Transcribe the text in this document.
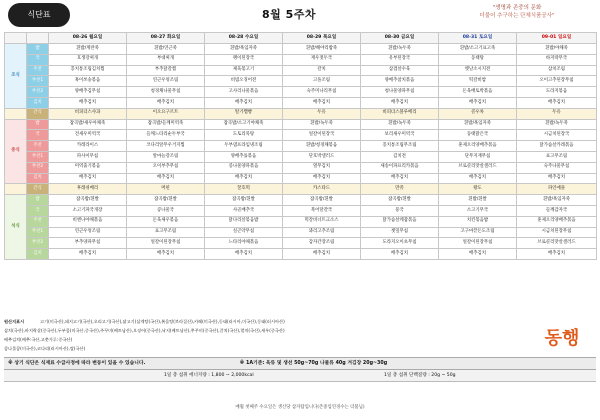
식단표	8월 5주차	"생명과 존중의 문화
더불어 추구하는 단체식품공사"
		08-26 월요일	08-27 화요일	08-28 수요일	08-29 목요일	08-30 금요일	08-31 토요일	09-01 일요일
조식	밥	흰밥/계란죽	흰밥/연근죽	흰밥/흑임자죽	흰밥/해야리밥죽	흰밥/녹두죽	흰밥/소고기표고죽	흰밥/야채죽
	국	호생강찌개	부대찌개	팽이된장국	재우젓두국	유부된장국	동태탕	바지락무국
	주찬	꽁치통조림김치찜	부추닭갈찜	제육볶고기	갈치	삼겹살수육	엣날소시지전	삼치조림
	부찬1	혹이쏘숭볶음	연근우엉조림	비빔오징어전	고돌조림	양배추참치볶음	떡갈비쌈	오이고추된장무침
	부찬2	양배추김무침	청경채나물무침	고사리나물볶음	숙주미나리무침	청나물양파무침	돈육배토박볶음	도라지볶음
	김치	배추김치	배추김치	배추김치	배추김치	배추김치	배추김치	배추김치
	간식	비피더스샤과	이오요구르트	딸기쨈빵	두유	비피더스블루베리	콜우차	두유
중식	밥	잡곡밥/새우아채죽	잡곡밥/들께미역죽	잡곡밥/소고기야채죽	흰밥/녹두죽	흰밥/녹두죽	흰밥/흑임자죽	흰밥/녹두죽
	국	견새우미역국	들깨느타리순두부국	도토리묵탕	얼갈이된장국	보리새우미역국	동태맑은국	시금치된장국
	주찬	카레라이스	코다리알무우거지찜	두부댐프라임냉조림	흰밥/청경채볶음	꽁치통조림무조림	훈제오리양배추볶음	닭가슴살카레볶음
	부찬1	파사이무침	알마늘강조림	양배추롤볶음	단호박샐러드	김치전	단무지재무침	표고무조림
	부찬2	미역출기볶음	오이부추무침	콩나물양파볶음	열무김치	새송이파프리카볶음	브로콜리맛살샐러드	숙주나물무침
	김치	배추김치	배추김치	배추김치	배추김치	배추김치	배추김치	배추김치
	간식	후레쉬베리	머핀	꿀호떡	카스타드	만쥬	왕도	파인애플
석식	밥	잡곡밥/흰쌀	잡곡밥/흰쌀	잡곡밥/흰쌀	잡곡밥/흰쌀	잡곡밥/흰쌀	흰밥/흰쌀	흰밥/흑임자죽
	국	소고기파국개장	콩나물국	사골배추국	북어달걀국	뭉국	소고기무국	들깨감자국
	주찬	비엔나야채볶음	돈육새우볶음	닭다리살볶음밥	떡갈비너트크소스	닭가슴살케찹볶음	치킨볶음밥	훈제오리양배추볶음
	부찬1	연근우엉조림	표고무조림	실곤약무침	꽈리고추조림	젯잎무침	고구마끝돈도조림	시금치된장무침
	부찬2	부추양파무침	얼갈이된장무침	느타리야채볶음	감자간장조림	도라지오이초무침	얼갈이된장무침	브로콜리맛살샐러드
	김치	배추김치	배추김치	배추김치	배추김치	배추김치	배추김치	배추김치
원산지표시	고기(미국산),돼지고기(국산),오리고기(국산),닭고기(삼계탕(국산),볶음탕(브라질산),카레(미국산),동태(러시아,미국산),동태(러시아산)
삼치(국산),바지락살(중국산),두부콩(미국산,중국산),주꾸미(베트남산),오징어(중국산),낙지(베트남산),쭈꾸미(중국산),갈치(국산),멸치(국산),새우(중국산)
배추김치(배추:국산,고춧가루:중국산)
콩나물콩(미국산),코다리(러시아산),쌀(국산)	동행
※ 상기 식단은 식재료 수급사정에 따라 변동이 있을 수 있습니다.	※ 1A기준: 육류 및 생선 50g~70g 나물류 40g 겨김장 20g~30g
1일 총 섭취 에너지량 : 1,800 ~ 2,000kcal	1일 총 섭취 단백질량 : 20g ~ 50g
매월 첫째주 수요일은 생산당 삼자탑입니다(존중입연경수는 더불님)
